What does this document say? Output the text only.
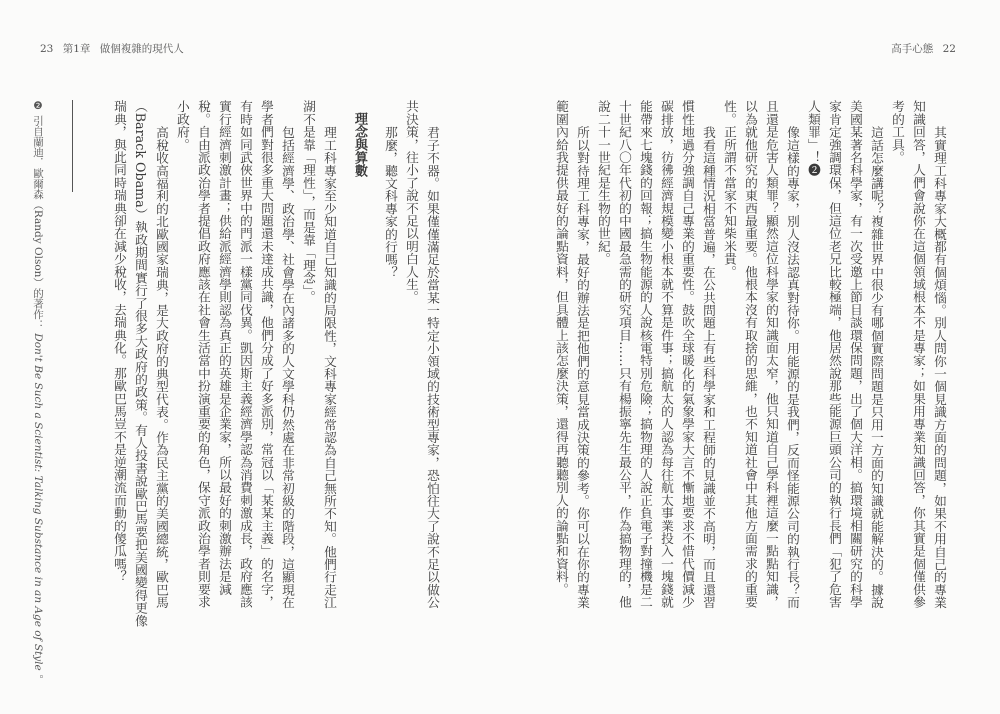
23 第1章 做個複雜的現代人	高手心態 22
其實理工科專家大概都有個煩惱。別人問你一個見識方面的問題，如果不用自己的專業
知識回答，人們會說你在這個領域根本不是專家；如果用專業知識回答，你其實是個僅供參
考的工具。
這話怎麼講呢？複雜世界中很少有哪個實際問題是只用一方面的知識就能解決的。據說
美國某著名科學家，有一次受邀上節目談環保問題，出了個大洋相。搞環境相關研究的科學
家肯定強調環保，但這位老兄比較極端，他居然說那些能源巨頭公司的執行長們「犯了危害
人類罪」！❷
像這樣的專家，別人沒法認真對待你。用能源的是我們，反而怪能源公司的執行長？而
且還是危害人類罪？顯然這位科學家的知識面太窄，他只知道自己學科裡這麼一點點知識，
以為就他研究的東西最重要。他根本沒有取捨的思維，也不知道社會中其他方面需求的重要
性。正所謂不當家不知柴米貴。
我看這種情況相當普遍，在公共問題上有些科學家和工程師的見識並不高明，而且還習
慣性地過分強調自己專業的重要性。鼓吹全球暖化的氣象學家大言不慚地要求不惜代價減少
碳排放，彷彿經濟規模變小根本就不算是件事；搞航太的人認為每往航太事業投入一塊錢就
能帶來七塊錢的回報；搞生物能源的人說核電特別危險；搞物理的人說正負電子對撞機是二
十世紀八〇年代初的中國最急需的研究項目……只有楊振寧先生最公平，作為搞物理的，他
說二十一世紀是生物的世紀。
所以對待理工科專家，最好的辦法是把他們的意見當成決策的參考。你可以在你的專業
範圍內給我提供最好的論點資料，但具體上該怎麼決策，還得再聽聽別人的論點和資料。
君子不器。如果僅僅滿足於當某一特定小領域的技術型專家，恐怕往大了說不足以做公
共決策，往小了說不足以明白人生。
那麼，聽文科專家的行嗎？
理念與算數
理工科專家至少知道自己知識的局限性，文科專家經常認為自己無所不知。他們行走江
湖不是靠「理性」，而是靠「理念」。
包括經濟學、政治學、社會學在內諸多的人文學科仍然處在非常初級的階段，這顯現在
學者們對很多重大問題還未達成共識，他們分成了好多派別，常冠以「某某主義」的名字，
有時如同武俠世界中的門派一樣黨同伐異。凱因斯主義經濟學認為消費刺激成長，政府應該
實行經濟刺激計畫；供給派經濟學則認為真正的英雄是企業家，所以最好的刺激辦法是減
稅。自由派政治學者提倡政府應該在社會生活當中扮演重要的角色，保守派政治學者則要求
小政府。
高稅收高福利的北歐國家瑞典，是大政府的典型代表。作為民主黨的美國總統，歐巴馬
（Barack Obama）執政期間實行了很多大政府的政策。有人投書說歐巴馬要把美國變得更像
瑞典，與此同時瑞典卻在減少稅收，去瑞典化。那歐巴馬豈不是逆潮流而動的傻瓜嗎？
❷ 引自蘭迪．歐爾森（Randy Olson）的著作： Don't Be Such a Scientist: Talking Substance in an Age of Style 。
